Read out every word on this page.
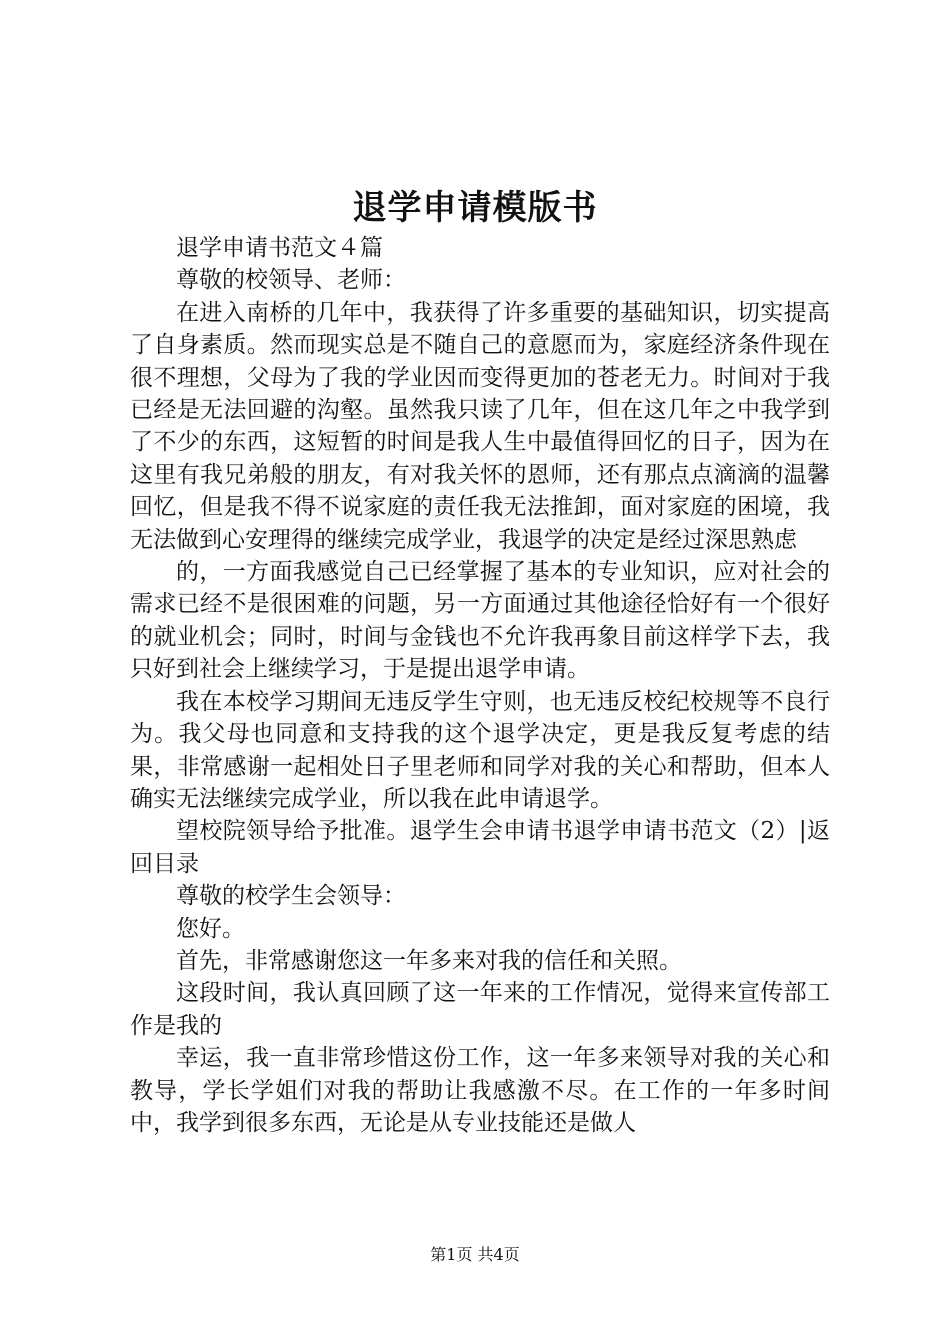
退学申请模版书

退学申请书范文４篇

尊敬的校领导、老师：

在进入南桥的几年中，我获得了许多重要的基础知识，切实提高了自身素质。然而现实总是不随自己的意愿而为，家庭经济条件现在很不理想，父母为了我的学业因而变得更加的苍老无力。时间对于我已经是无法回避的沟壑。虽然我只读了几年，但在这几年之中我学到了不少的东西，这短暂的时间是我人生中最值得回忆的日子，因为在这里有我兄弟般的朋友，有对我关怀的恩师，还有那点点滴滴的温馨回忆，但是我不得不说家庭的责任我无法推卸，面对家庭的困境，我无法做到心安理得的继续完成学业，我退学的决定是经过深思熟虑

的，一方面我感觉自己已经掌握了基本的专业知识，应对社会的需求已经不是很困难的问题，另一方面通过其他途径恰好有一个很好的就业机会；同时，时间与金钱也不允许我再象目前这样学下去，我只好到社会上继续学习，于是提出退学申请。

我在本校学习期间无违反学生守则，也无违反校纪校规等不良行为。我父母也同意和支持我的这个退学决定，更是我反复考虑的结果，非常感谢一起相处日子里老师和同学对我的关心和帮助，但本人确实无法继续完成学业，所以我在此申请退学。

望校院领导给予批准。退学生会申请书退学申请书范文（2）|返回目录

尊敬的校学生会领导：

您好。

首先，非常感谢您这一年多来对我的信任和关照。

这段时间，我认真回顾了这一年来的工作情况，觉得来宣传部工作是我的

幸运，我一直非常珍惜这份工作，这一年多来领导对我的关心和教导，学长学姐们对我的帮助让我感激不尽。在工作的一年多时间中，我学到很多东西，无论是从专业技能还是做人

第1页 共4页
